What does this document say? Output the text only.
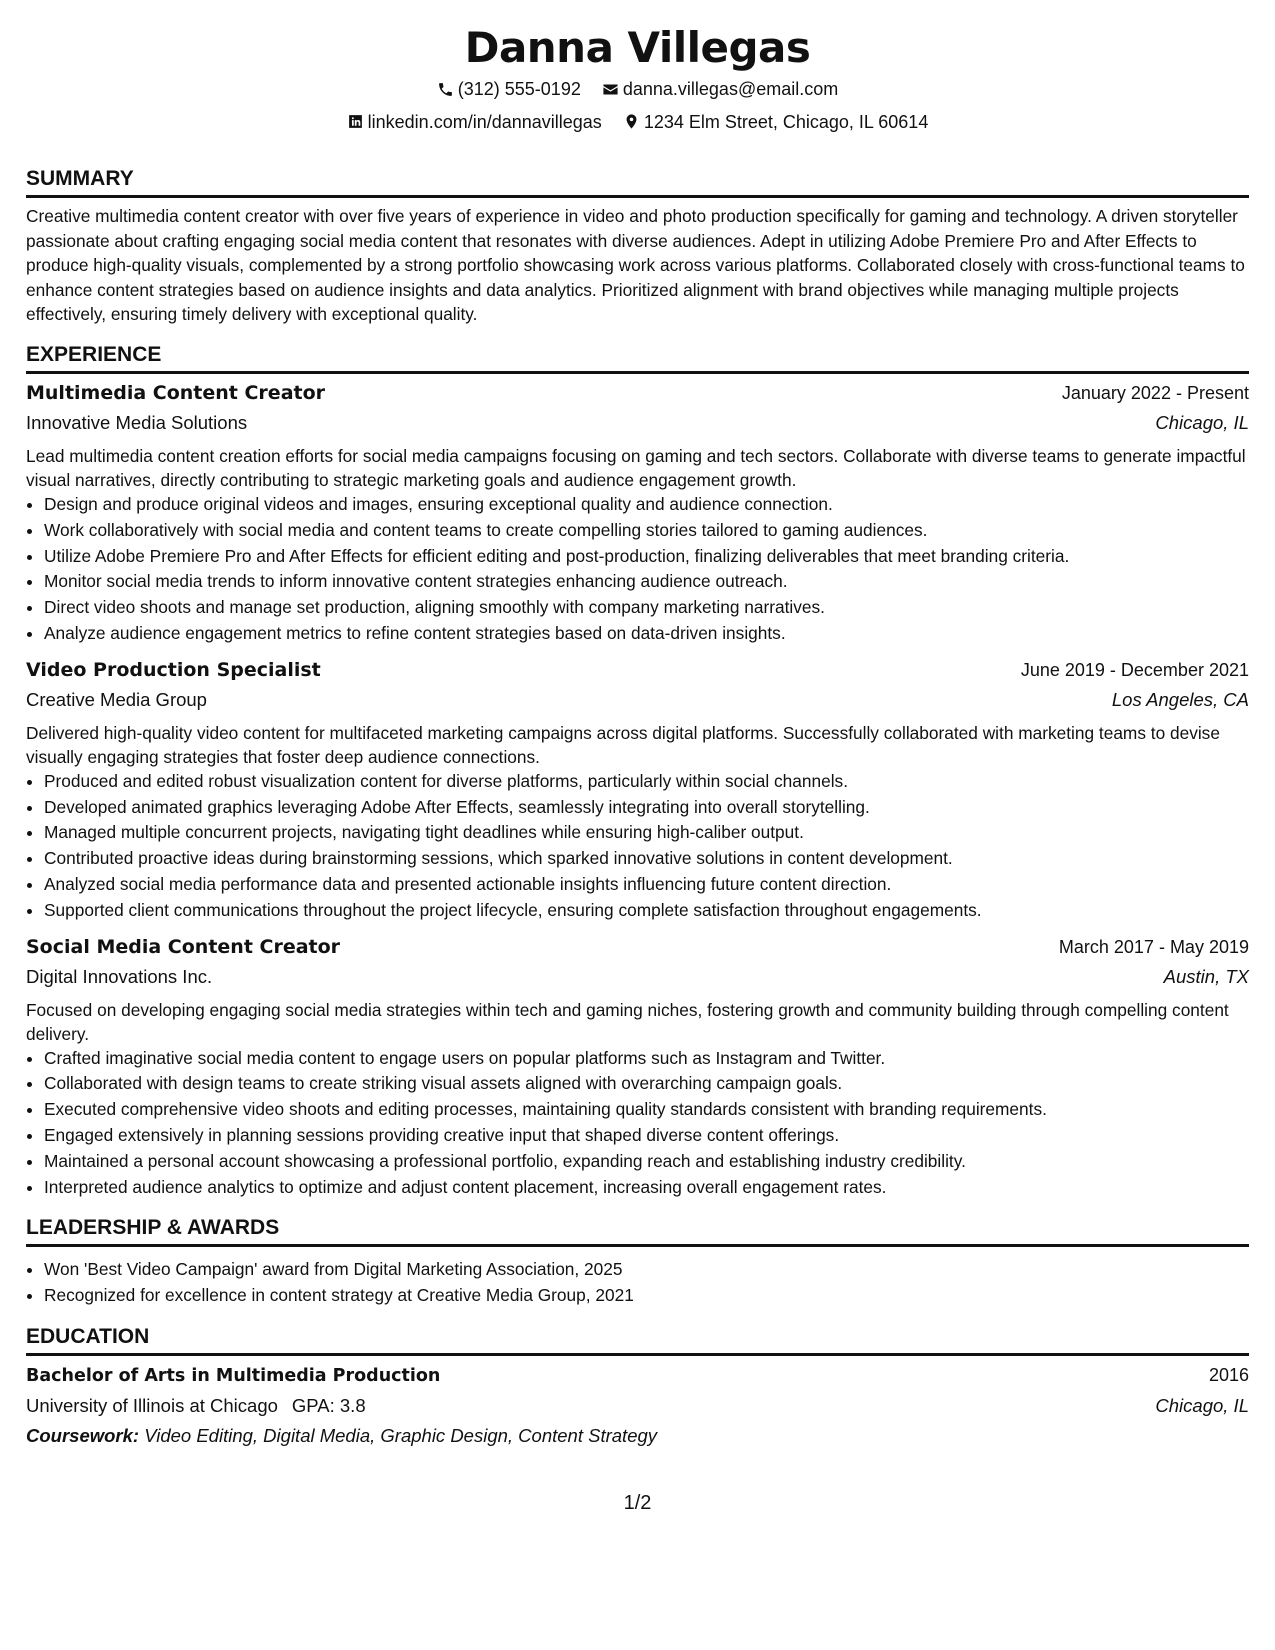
Danna Villegas
(312) 555-0192
danna.villegas@email.com
linkedin.com/in/dannavillegas
1234 Elm Street, Chicago, IL 60614
SUMMARY
Creative multimedia content creator with over five years of experience in video and photo production specifically for gaming and technology. A driven storyteller passionate about crafting engaging social media content that resonates with diverse audiences. Adept in utilizing Adobe Premiere Pro and After Effects to produce high-quality visuals, complemented by a strong portfolio showcasing work across various platforms. Collaborated closely with cross-functional teams to enhance content strategies based on audience insights and data analytics. Prioritized alignment with brand objectives while managing multiple projects effectively, ensuring timely delivery with exceptional quality.
EXPERIENCE
Multimedia Content Creator	January 2022 - Present
Innovative Media Solutions	Chicago, IL
Lead multimedia content creation efforts for social media campaigns focusing on gaming and tech sectors. Collaborate with diverse teams to generate impactful visual narratives, directly contributing to strategic marketing goals and audience engagement growth.
• Design and produce original videos and images, ensuring exceptional quality and audience connection.
• Work collaboratively with social media and content teams to create compelling stories tailored to gaming audiences.
• Utilize Adobe Premiere Pro and After Effects for efficient editing and post-production, finalizing deliverables that meet branding criteria.
• Monitor social media trends to inform innovative content strategies enhancing audience outreach.
• Direct video shoots and manage set production, aligning smoothly with company marketing narratives.
• Analyze audience engagement metrics to refine content strategies based on data-driven insights.
Video Production Specialist	June 2019 - December 2021
Creative Media Group	Los Angeles, CA
Delivered high-quality video content for multifaceted marketing campaigns across digital platforms. Successfully collaborated with marketing teams to devise visually engaging strategies that foster deep audience connections.
• Produced and edited robust visualization content for diverse platforms, particularly within social channels.
• Developed animated graphics leveraging Adobe After Effects, seamlessly integrating into overall storytelling.
• Managed multiple concurrent projects, navigating tight deadlines while ensuring high-caliber output.
• Contributed proactive ideas during brainstorming sessions, which sparked innovative solutions in content development.
• Analyzed social media performance data and presented actionable insights influencing future content direction.
• Supported client communications throughout the project lifecycle, ensuring complete satisfaction throughout engagements.
Social Media Content Creator	March 2017 - May 2019
Digital Innovations Inc.	Austin, TX
Focused on developing engaging social media strategies within tech and gaming niches, fostering growth and community building through compelling content delivery.
• Crafted imaginative social media content to engage users on popular platforms such as Instagram and Twitter.
• Collaborated with design teams to create striking visual assets aligned with overarching campaign goals.
• Executed comprehensive video shoots and editing processes, maintaining quality standards consistent with branding requirements.
• Engaged extensively in planning sessions providing creative input that shaped diverse content offerings.
• Maintained a personal account showcasing a professional portfolio, expanding reach and establishing industry credibility.
• Interpreted audience analytics to optimize and adjust content placement, increasing overall engagement rates.
LEADERSHIP & AWARDS
• Won 'Best Video Campaign' award from Digital Marketing Association, 2025
• Recognized for excellence in content strategy at Creative Media Group, 2021
EDUCATION
Bachelor of Arts in Multimedia Production	2016
University of Illinois at Chicago GPA: 3.8	Chicago, IL
Coursework: Video Editing, Digital Media, Graphic Design, Content Strategy
1/2
